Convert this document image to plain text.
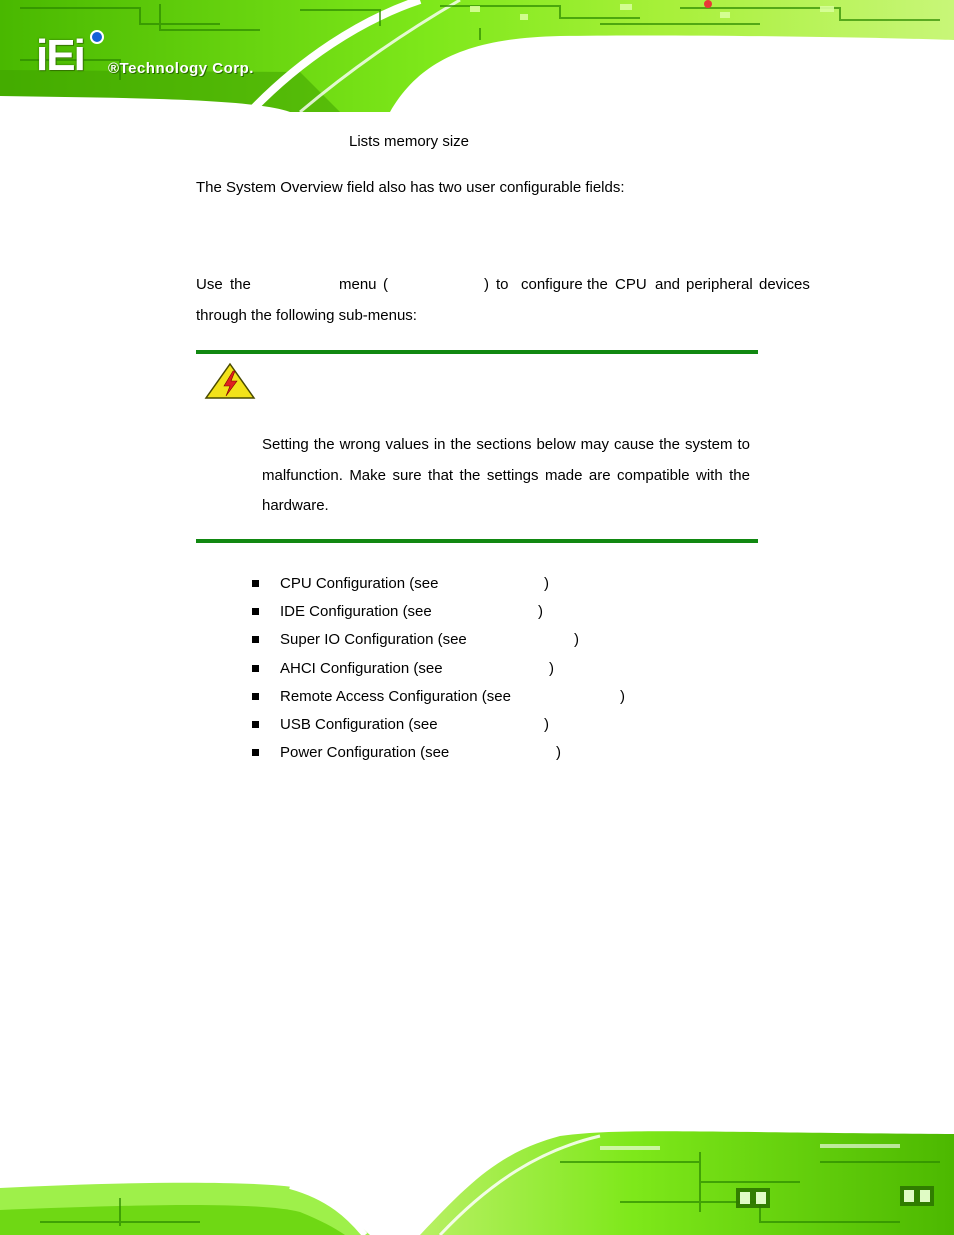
iEi ®Technology Corp.
Lists memory size
The System Overview field also has two user configurable fields:
Use the	menu (	) to configure the CPU and peripheral devices
through the following sub-menus:
Setting the wrong values in the sections below may cause the system to malfunction. Make sure that the settings made are compatible with the hardware.
CPU Configuration (see	)
IDE Configuration (see	)
Super IO Configuration (see	)
AHCI Configuration (see	)
Remote Access Configuration (see	)
USB Configuration (see	)
Power Configuration (see	)
